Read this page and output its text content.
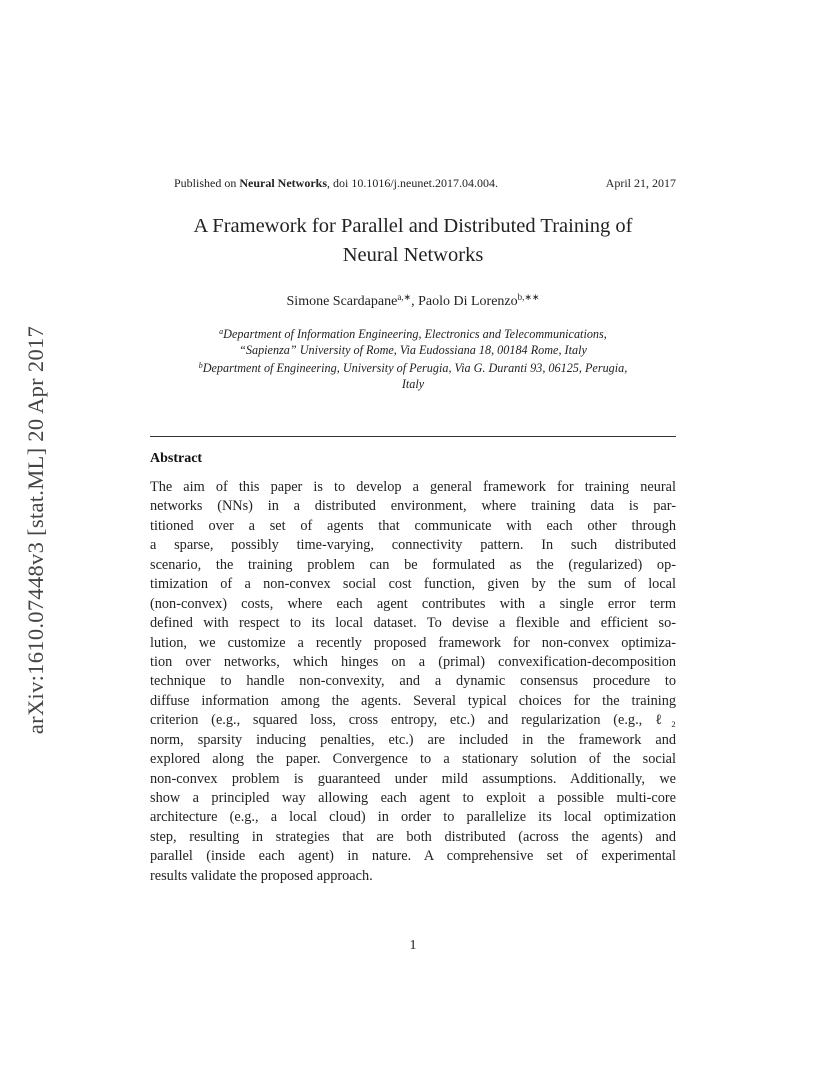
arXiv:1610.07448v3 [stat.ML] 20 Apr 2017
Published on Neural Networks, doi 10.1016/j.neunet.2017.04.004.	April 21, 2017
A Framework for Parallel and Distributed Training of
Neural Networks
Simone Scardapane$^{a,∗}$, Paolo Di Lorenzo$^{b,∗∗}$
$^a$Department of Information Engineering, Electronics and Telecommunications,
“Sapienza” University of Rome, Via Eudossiana 18, 00184 Rome, Italy
$^b$Department of Engineering, University of Perugia, Via G. Duranti 93, 06125, Perugia,
Italy
Abstract
The aim of this paper is to develop a general framework for training neural
networks (NNs) in a distributed environment, where training data is par-
titioned over a set of agents that communicate with each other through
a sparse, possibly time-varying, connectivity pattern. In such distributed
scenario, the training problem can be formulated as the (regularized) op-
timization of a non-convex social cost function, given by the sum of local
(non-convex) costs, where each agent contributes with a single error term
defined with respect to its local dataset. To devise a flexible and efficient so-
lution, we customize a recently proposed framework for non-convex optimiza-
tion over networks, which hinges on a (primal) convexification-decomposition
technique to handle non-convexity, and a dynamic consensus procedure to
diffuse information among the agents. Several typical choices for the training
criterion (e.g., squared loss, cross entropy, etc.) and regularization (e.g., ℓ₂
norm, sparsity inducing penalties, etc.) are included in the framework and
explored along the paper. Convergence to a stationary solution of the social
non-convex problem is guaranteed under mild assumptions. Additionally, we
show a principled way allowing each agent to exploit a possible multi-core
architecture (e.g., a local cloud) in order to parallelize its local optimization
step, resulting in strategies that are both distributed (across the agents) and
parallel (inside each agent) in nature. A comprehensive set of experimental
results validate the proposed approach.
1
